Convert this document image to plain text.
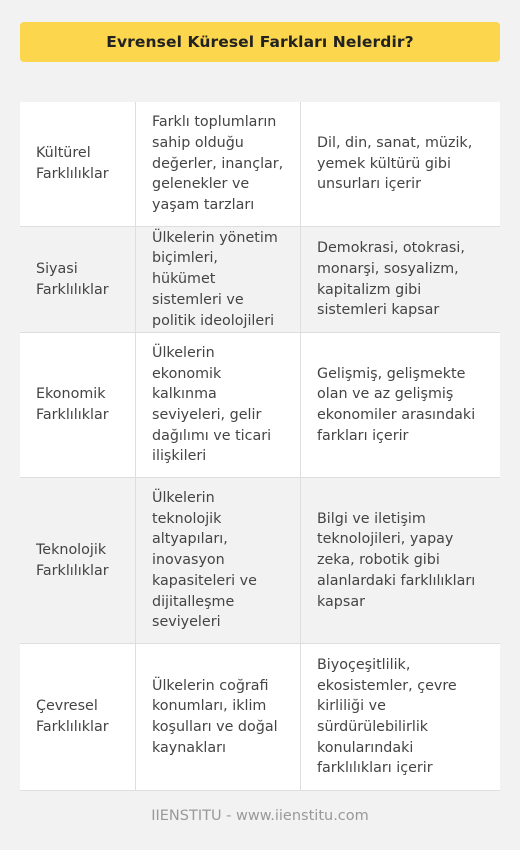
Evrensel Küresel Farkları Nelerdir?
Kültürel Farklılıklar
Farklı toplumların sahip olduğu değerler, inançlar, gelenekler ve yaşam tarzları
Dil, din, sanat, müzik, yemek kültürü gibi unsurları içerir
Siyasi Farklılıklar
Ülkelerin yönetim biçimleri, hükümet sistemleri ve politik ideolojileri
Demokrasi, otokrasi, monarşi, sosyalizm, kapitalizm gibi sistemleri kapsar
Ekonomik Farklılıklar
Ülkelerin ekonomik kalkınma seviyeleri, gelir dağılımı ve ticari ilişkileri
Gelişmiş, gelişmekte olan ve az gelişmiş ekonomiler arasındaki farkları içerir
Teknolojik Farklılıklar
Ülkelerin teknolojik altyapıları, inovasyon kapasiteleri ve dijitalleşme seviyeleri
Bilgi ve iletişim teknolojileri, yapay zeka, robotik gibi alanlardaki farklılıkları kapsar
Çevresel Farklılıklar
Ülkelerin coğrafi konumları, iklim koşulları ve doğal kaynakları
Biyoçeşitlilik, ekosistemler, çevre kirliliği ve sürdürülebilirlik konularındaki farklılıkları içerir
IIENSTITU - www.iienstitu.com
